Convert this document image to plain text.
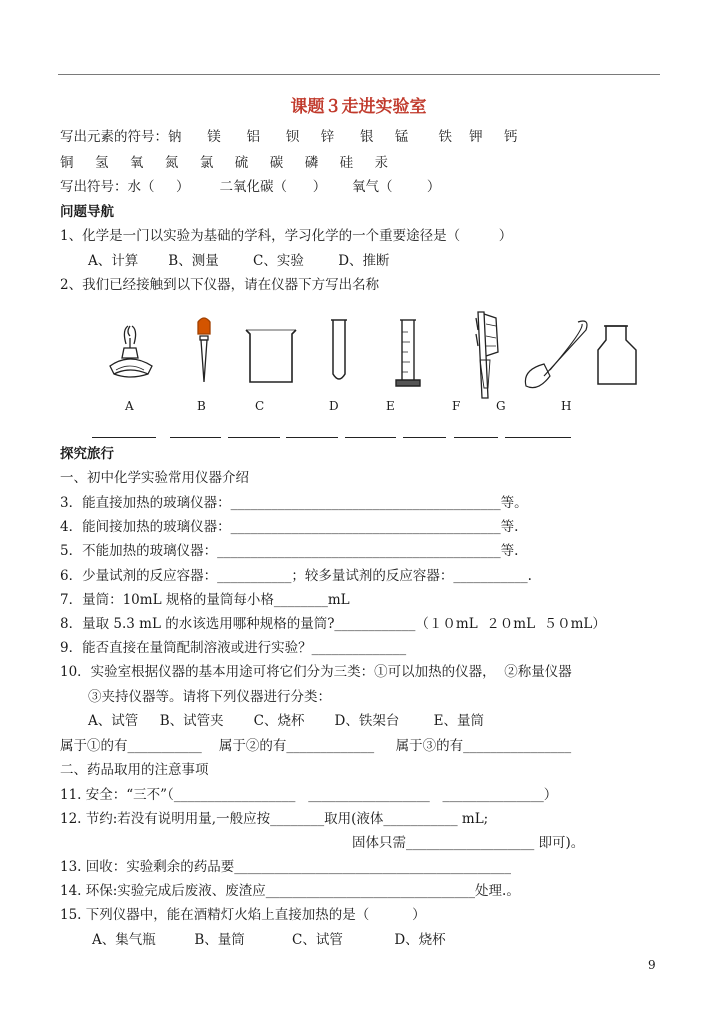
课题３走进实验室
写出元素的符号：钠      镁      铝      钡     锌      银     锰       铁    钾     钙
铜     氢     氧     氮     氯     硫     碳     磷     硅     汞
写出符号：水（     ）       二氧化碳（      ）      氧气（        ）
问题导航
1、化学是一门以实验为基础的学科，学习化学的一个重要途径是（         ）
A、计算       B、测量        C、实验        D、推断
2、我们已经接触到以下仪器，请在仪器下方写出名称
A	B	C	D	E	F	G	H
探究旅行
一、初中化学实验常用仪器介绍
3．能直接加热的玻璃仪器：________________________________________等。
4．能间接加热的玻璃仪器：________________________________________等.
5．不能加热的玻璃仪器：__________________________________________等.
6．少量试剂的反应容器：___________；较多量试剂的反应容器：___________.
7．量筒：10mL 规格的量筒每小格________mL
8．量取 5.3 mL 的水该选用哪种规格的量筒?____________（１０mL  ２０mL  ５０mL）
9．能否直接在量筒配制溶液或进行实验？______________
10．实验室根据仪器的基本用途可将它们分为三类：①可以加热的仪器，  ②称量仪器
③夹持仪器等。请将下列仪器进行分类：
A、试管     B、试管夹       C、烧杯       D、铁架台        E、量筒
属于①的有___________    属于②的有_____________     属于③的有________________
二、药品取用的注意事项
11. 安全：“三不”（__________________   __________________   _______________）
12. 节约:若没有说明用量,一般应按________取用(液体___________ mL;
固体只需___________________ 即可)。
13. 回收：实验剩余的药品要_________________________________________
14. 环保:实验完成后废液、废渣应_______________________________处理.。
15. 下列仪器中，能在酒精灯火焰上直接加热的是（          ）
A、集气瓶         B、量筒           C、试管            D、烧杯
9
